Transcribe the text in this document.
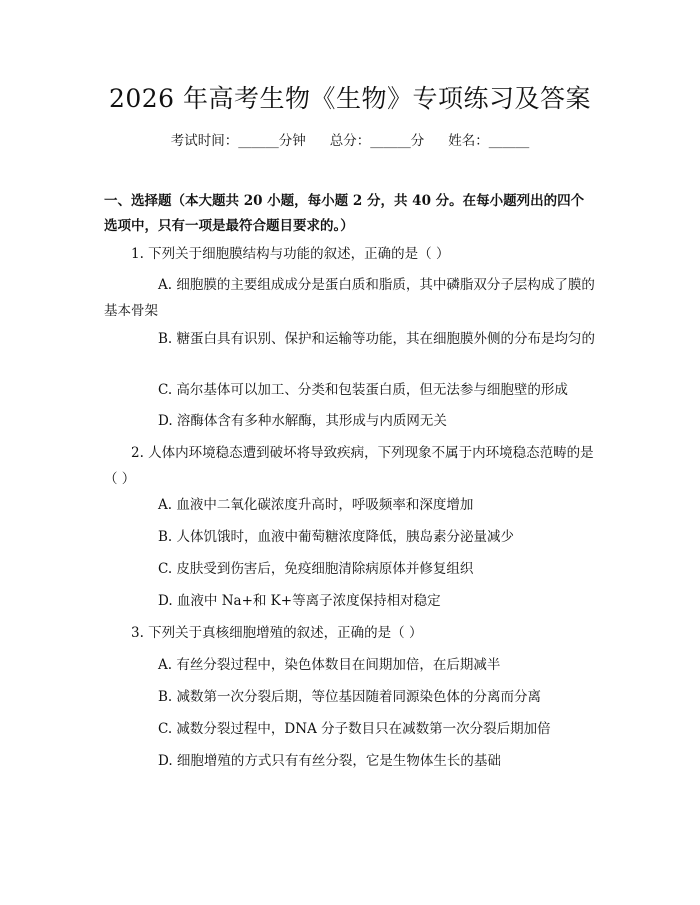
2026 年高考生物《生物》专项练习及答案
考试时间：______分钟 总分：______分 姓名：______

一、选择题（本大题共 20 小题，每小题 2 分，共 40 分。在每小题列出的四个选项中，只有一项是最符合题目要求的。）

1. 下列关于细胞膜结构与功能的叙述，正确的是（ ）

A. 细胞膜的主要组成成分是蛋白质和脂质，其中磷脂双分子层构成了膜的基本骨架

B. 糖蛋白具有识别、保护和运输等功能，其在细胞膜外侧的分布是均匀的

C. 高尔基体可以加工、分类和包装蛋白质，但无法参与细胞壁的形成

D. 溶酶体含有多种水解酶，其形成与内质网无关

2. 人体内环境稳态遭到破坏将导致疾病，下列现象不属于内环境稳态范畴的是（ ）

A. 血液中二氧化碳浓度升高时，呼吸频率和深度增加

B. 人体饥饿时，血液中葡萄糖浓度降低，胰岛素分泌量减少

C. 皮肤受到伤害后，免疫细胞清除病原体并修复组织

D. 血液中 Na+和 K+等离子浓度保持相对稳定

3. 下列关于真核细胞增殖的叙述，正确的是（ ）

A. 有丝分裂过程中，染色体数目在间期加倍，在后期减半

B. 减数第一次分裂后期，等位基因随着同源染色体的分离而分离

C. 减数分裂过程中，DNA 分子数目只在减数第一次分裂后期加倍

D. 细胞增殖的方式只有有丝分裂，它是生物体生长的基础
